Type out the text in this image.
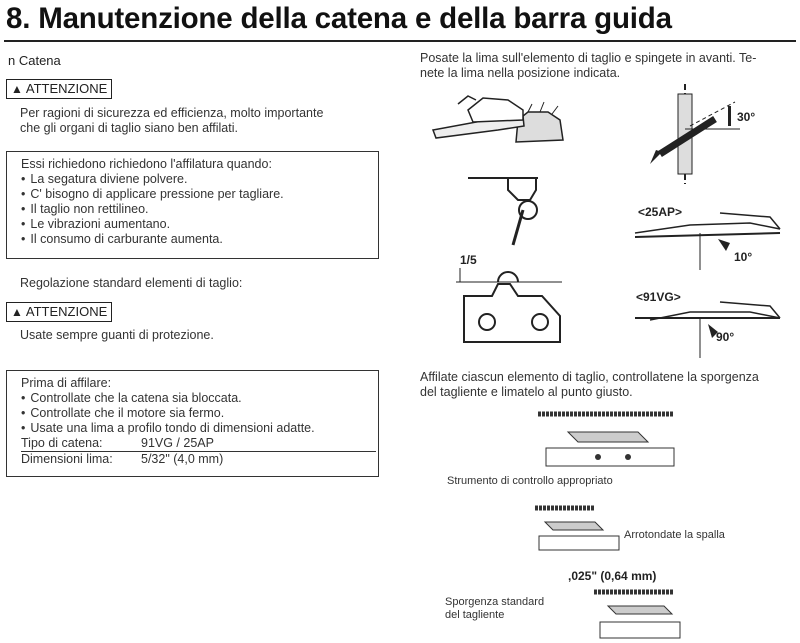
8. Manutenzione della catena e della barra guida
n Catena
▲ ATTENZIONE
Per ragioni di sicurezza ed efficienza, molto importante
che gli organi di taglio siano ben affilati.
Essi richiedono richiedono l'affilatura quando:
• La segatura diviene polvere.
• C' bisogno di applicare pressione per tagliare.
• Il taglio non rettilineo.
• Le vibrazioni aumentano.
• Il consumo di carburante aumenta.
Regolazione standard elementi di taglio:
▲ ATTENZIONE
Usate sempre guanti di protezione.
Prima di affilare:
• Controllate che la catena sia bloccata.
• Controllate che il motore sia fermo.
• Usate una lima a profilo tondo di dimensioni adatte.
Tipo di catena:	91VG / 25AP
Dimensioni lima:	5/32" (4,0 mm)
Posate la lima sull'elemento di taglio e spingete in avanti. Te-
nete la lima nella posizione indicata.
30°
<25AP>
10°
1/5
<91VG>
90°
Affilate ciascun elemento di taglio, controllatene la sporgenza
del tagliente e limatelo al punto giusto.
Strumento di controllo appropriato
Arrotondate la spalla
,025" (0,64 mm)
Sporgenza standard
del tagliente
